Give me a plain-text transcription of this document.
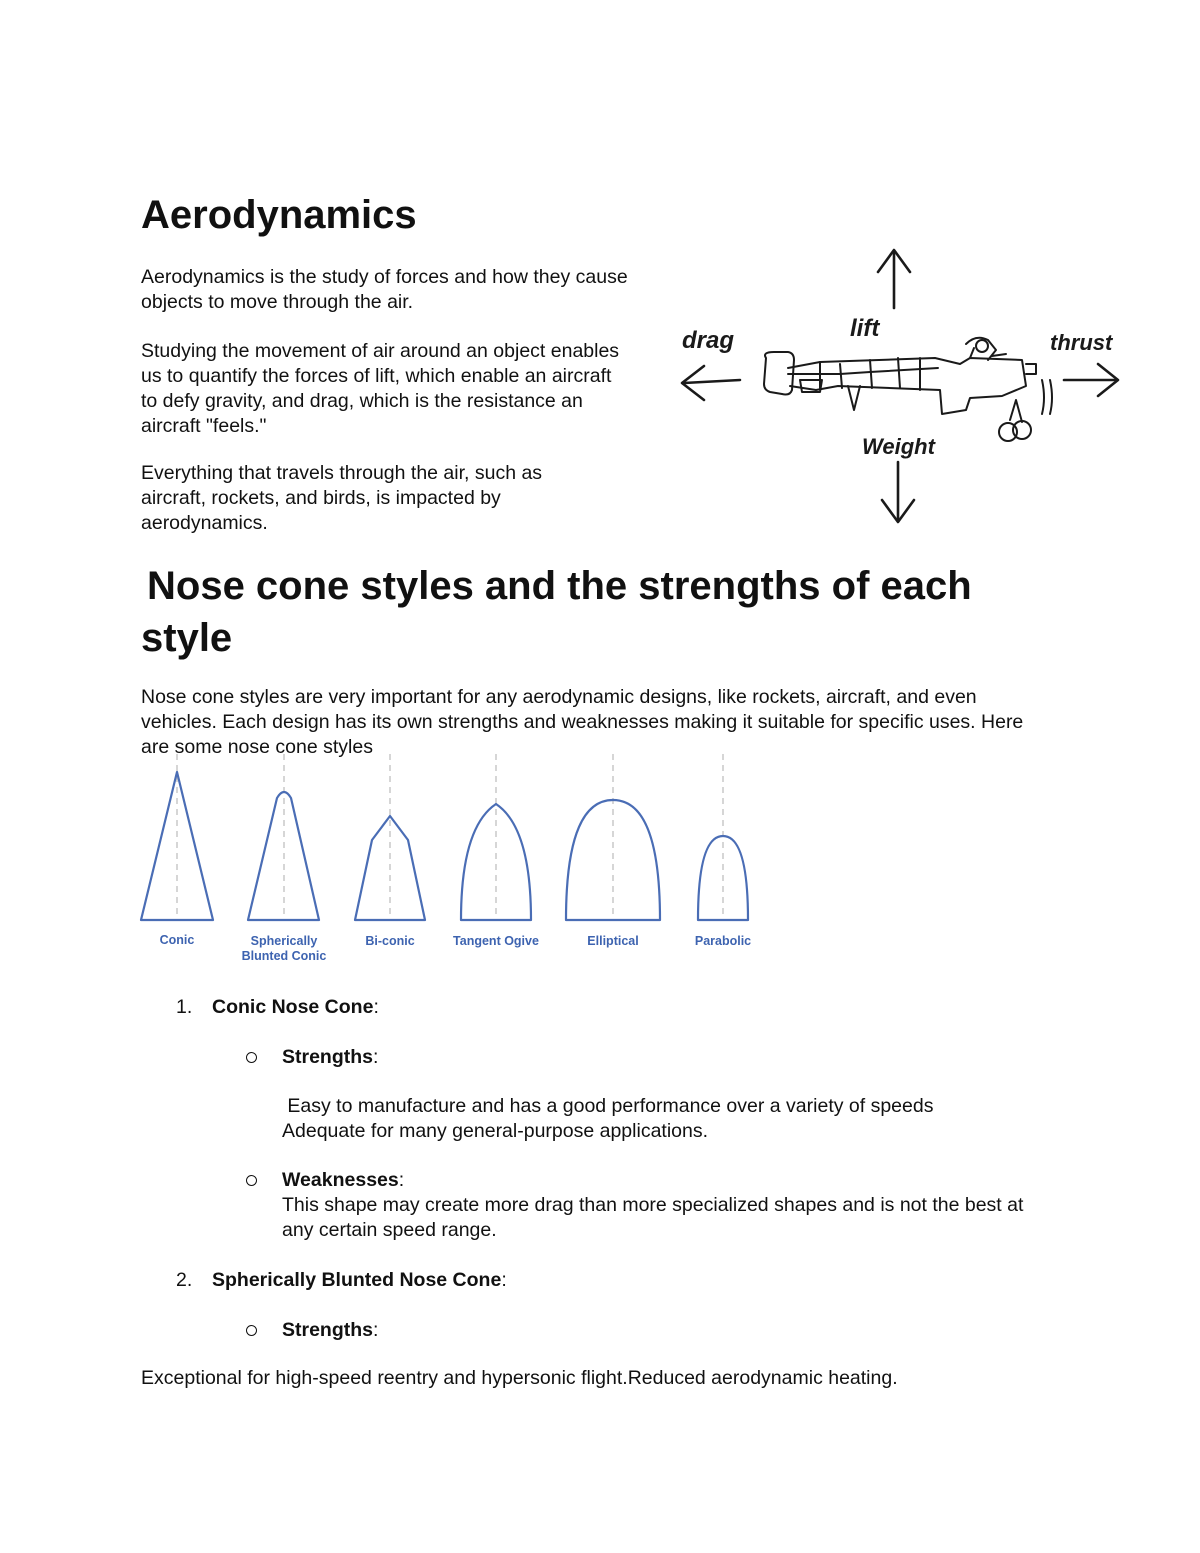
Aerodynamics
Aerodynamics is the study of forces and how they cause objects to move through the air.
Studying the movement of air around an object enables us to quantify the forces of lift, which enable an aircraft to defy gravity, and drag, which is the resistance an aircraft "feels."
Everything that travels through the air, such as aircraft, rockets, and birds, is impacted by aerodynamics.
lift
drag	thrust
Weight
Nose cone styles and the strengths of each style
Nose cone styles are very important for any aerodynamic designs, like rockets, aircraft, and even vehicles. Each design has its own strengths and weaknesses making it suitable for specific uses. Here are some nose cone styles
Conic	Spherically Blunted Conic
Bi-conic	Tangent Ogive	Elliptical	Parabolic
1. Conic Nose Cone:
Strengths:
Easy to manufacture and has a good performance over a variety of speeds
Adequate for many general-purpose applications.
Weaknesses:
This shape may create more drag than more specialized shapes and is not the best at any certain speed range.
2. Spherically Blunted Nose Cone:
Strengths:
Exceptional for high-speed reentry and hypersonic flight.Reduced aerodynamic heating.
